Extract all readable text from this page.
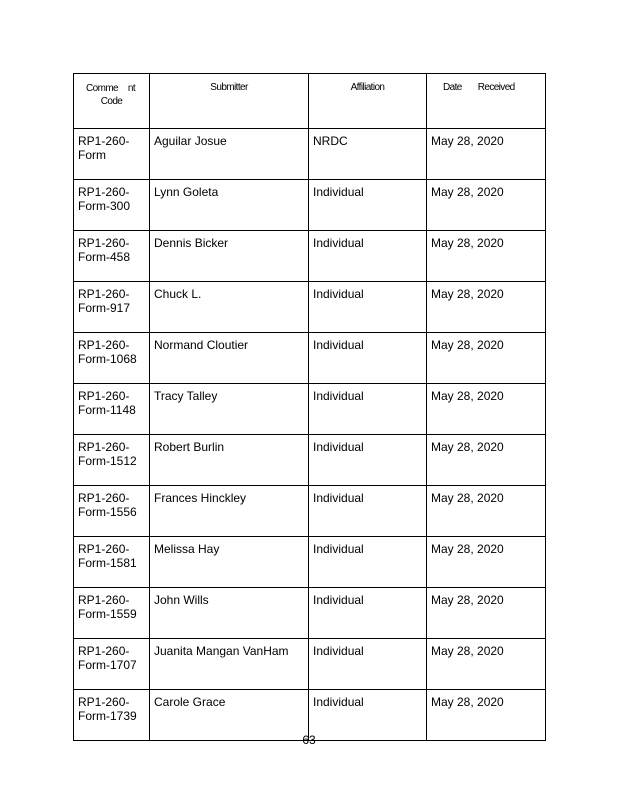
Comme nt
Code	Submitter	Affiliation	Date Received

RP1-260-
Form	Aguilar Josue	NRDC	May 28, 2020

RP1-260-
Form-300	Lynn Goleta	Individual	May 28, 2020

RP1-260-
Form-458	Dennis Bicker	Individual	May 28, 2020

RP1-260-
Form-917	Chuck L.	Individual	May 28, 2020

RP1-260-
Form-1068	Normand Cloutier	Individual	May 28, 2020

RP1-260-
Form-1148	Tracy Talley	Individual	May 28, 2020

RP1-260-
Form-1512	Robert Burlin	Individual	May 28, 2020

RP1-260-
Form-1556	Frances Hinckley	Individual	May 28, 2020

RP1-260-
Form-1581	Melissa Hay	Individual	May 28, 2020

RP1-260-
Form-1559	John Wills	Individual	May 28, 2020

RP1-260-
Form-1707	Juanita Mangan VanHam	Individual	May 28, 2020

RP1-260-
Form-1739	Carole Grace	Individual	May 28, 2020
63
